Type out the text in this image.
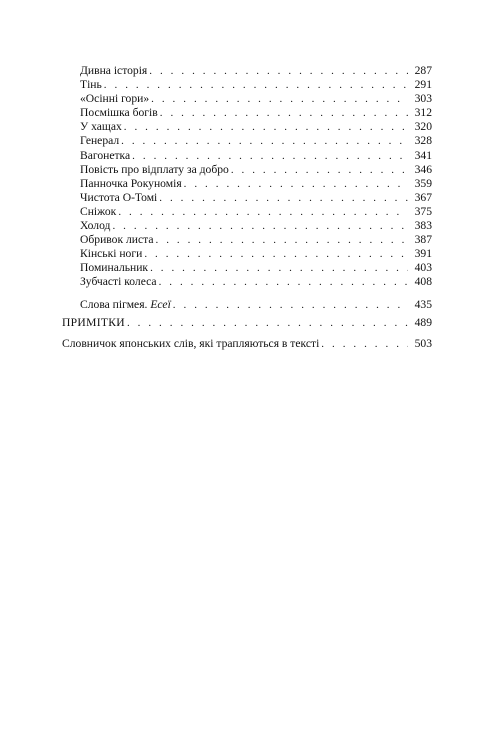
Дивна історія . . .	287
Тінь . . .	291
«Осінні гори» . . .	303
Посмішка богів . . .	312
У хащах . . .	320
Генерал . . .	328
Вагонетка . . .	341
Повість про відплату за добро . . .	346
Панночка Рокуномія . . .	359
Чистота О-Томі . . .	367
Сніжок . . .	375
Холод . . .	383
Обривок листа . . .	387
Кінські ноги . . .	391
Поминальник . . .	403
Зубчасті колеса . . .	408
Слова пігмея. Есеї . . .	435
ПРИМІТКИ . . .	489
Словничок японських слів, які трапляються в тексті . . .	503
